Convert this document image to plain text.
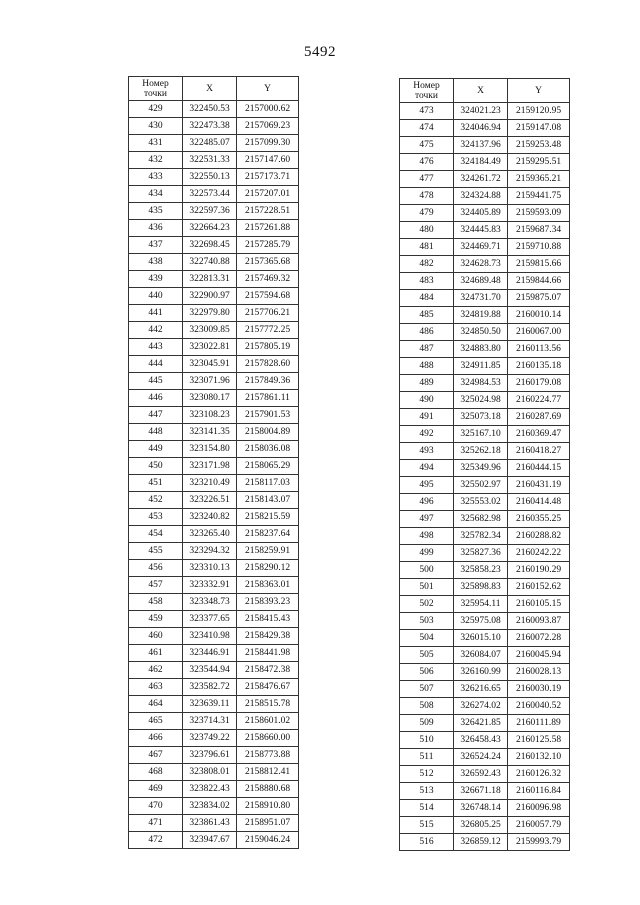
5492
Номер
точки	X	Y
429	322450.53	2157000.62
430	322473.38	2157069.23
431	322485.07	2157099.30
432	322531.33	2157147.60
433	322550.13	2157173.71
434	322573.44	2157207.01
435	322597.36	2157228.51
436	322664.23	2157261.88
437	322698.45	2157285.79
438	322740.88	2157365.68
439	322813.31	2157469.32
440	322900.97	2157594.68
441	322979.80	2157706.21
442	323009.85	2157772.25
443	323022.81	2157805.19
444	323045.91	2157828.60
445	323071.96	2157849.36
446	323080.17	2157861.11
447	323108.23	2157901.53
448	323141.35	2158004.89
449	323154.80	2158036.08
450	323171.98	2158065.29
451	323210.49	2158117.03
452	323226.51	2158143.07
453	323240.82	2158215.59
454	323265.40	2158237.64
455	323294.32	2158259.91
456	323310.13	2158290.12
457	323332.91	2158363.01
458	323348.73	2158393.23
459	323377.65	2158415.43
460	323410.98	2158429.38
461	323446.91	2158441.98
462	323544.94	2158472.38
463	323582.72	2158476.67
464	323639.11	2158515.78
465	323714.31	2158601.02
466	323749.22	2158660.00
467	323796.61	2158773.88
468	323808.01	2158812.41
469	323822.43	2158880.68
470	323834.02	2158910.80
471	323861.43	2158951.07
472	323947.67	2159046.24
Номер
точки	X	Y
473	324021.23	2159120.95
474	324046.94	2159147.08
475	324137.96	2159253.48
476	324184.49	2159295.51
477	324261.72	2159365.21
478	324324.88	2159441.75
479	324405.89	2159593.09
480	324445.83	2159687.34
481	324469.71	2159710.88
482	324628.73	2159815.66
483	324689.48	2159844.66
484	324731.70	2159875.07
485	324819.88	2160010.14
486	324850.50	2160067.00
487	324883.80	2160113.56
488	324911.85	2160135.18
489	324984.53	2160179.08
490	325024.98	2160224.77
491	325073.18	2160287.69
492	325167.10	2160369.47
493	325262.18	2160418.27
494	325349.96	2160444.15
495	325502.97	2160431.19
496	325553.02	2160414.48
497	325682.98	2160355.25
498	325782.34	2160288.82
499	325827.36	2160242.22
500	325858.23	2160190.29
501	325898.83	2160152.62
502	325954.11	2160105.15
503	325975.08	2160093.87
504	326015.10	2160072.28
505	326084.07	2160045.94
506	326160.99	2160028.13
507	326216.65	2160030.19
508	326274.02	2160040.52
509	326421.85	2160111.89
510	326458.43	2160125.58
511	326524.24	2160132.10
512	326592.43	2160126.32
513	326671.18	2160116.84
514	326748.14	2160096.98
515	326805.25	2160057.79
516	326859.12	2159993.79
